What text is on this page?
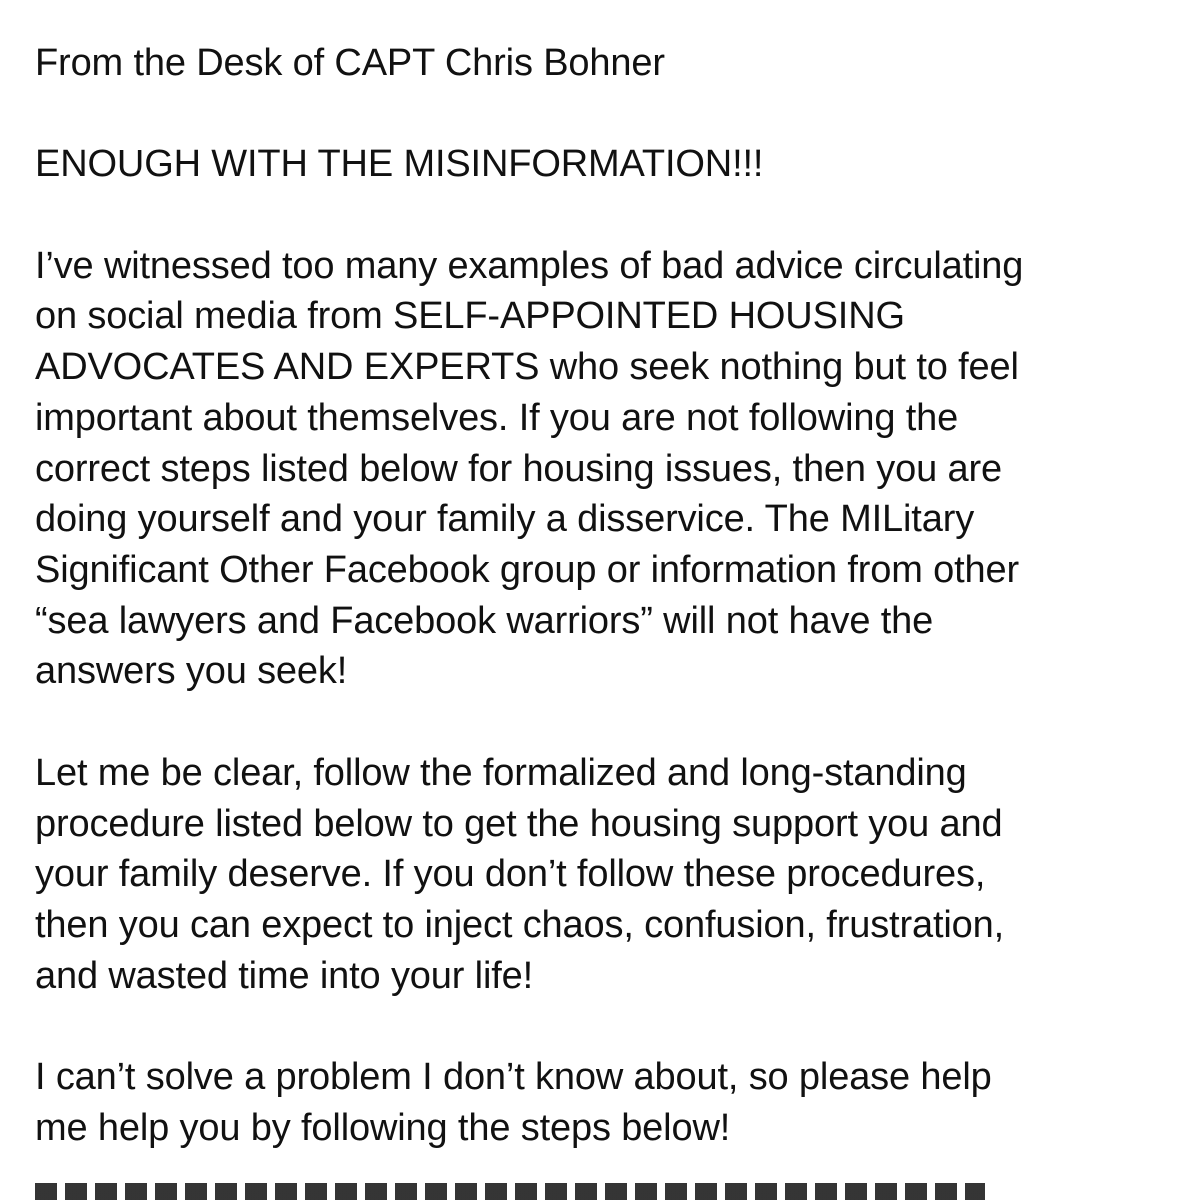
From the Desk of CAPT Chris Bohner

ENOUGH WITH THE MISINFORMATION!!!

I’ve witnessed too many examples of bad advice circulating

on social media from SELF-APPOINTED HOUSING

ADVOCATES AND EXPERTS who seek nothing but to feel

important about themselves. If you are not following the

correct steps listed below for housing issues, then you are

doing yourself and your family a disservice. The MILitary

Significant Other Facebook group or information from other

“sea lawyers and Facebook warriors” will not have the

answers you seek!

Let me be clear, follow the formalized and long-standing

procedure listed below to get the housing support you and

your family deserve. If you don’t follow these procedures,

then you can expect to inject chaos, confusion, frustration,

and wasted time into your life!

I can’t solve a problem I don’t know about, so please help

me help you by following the steps below!
